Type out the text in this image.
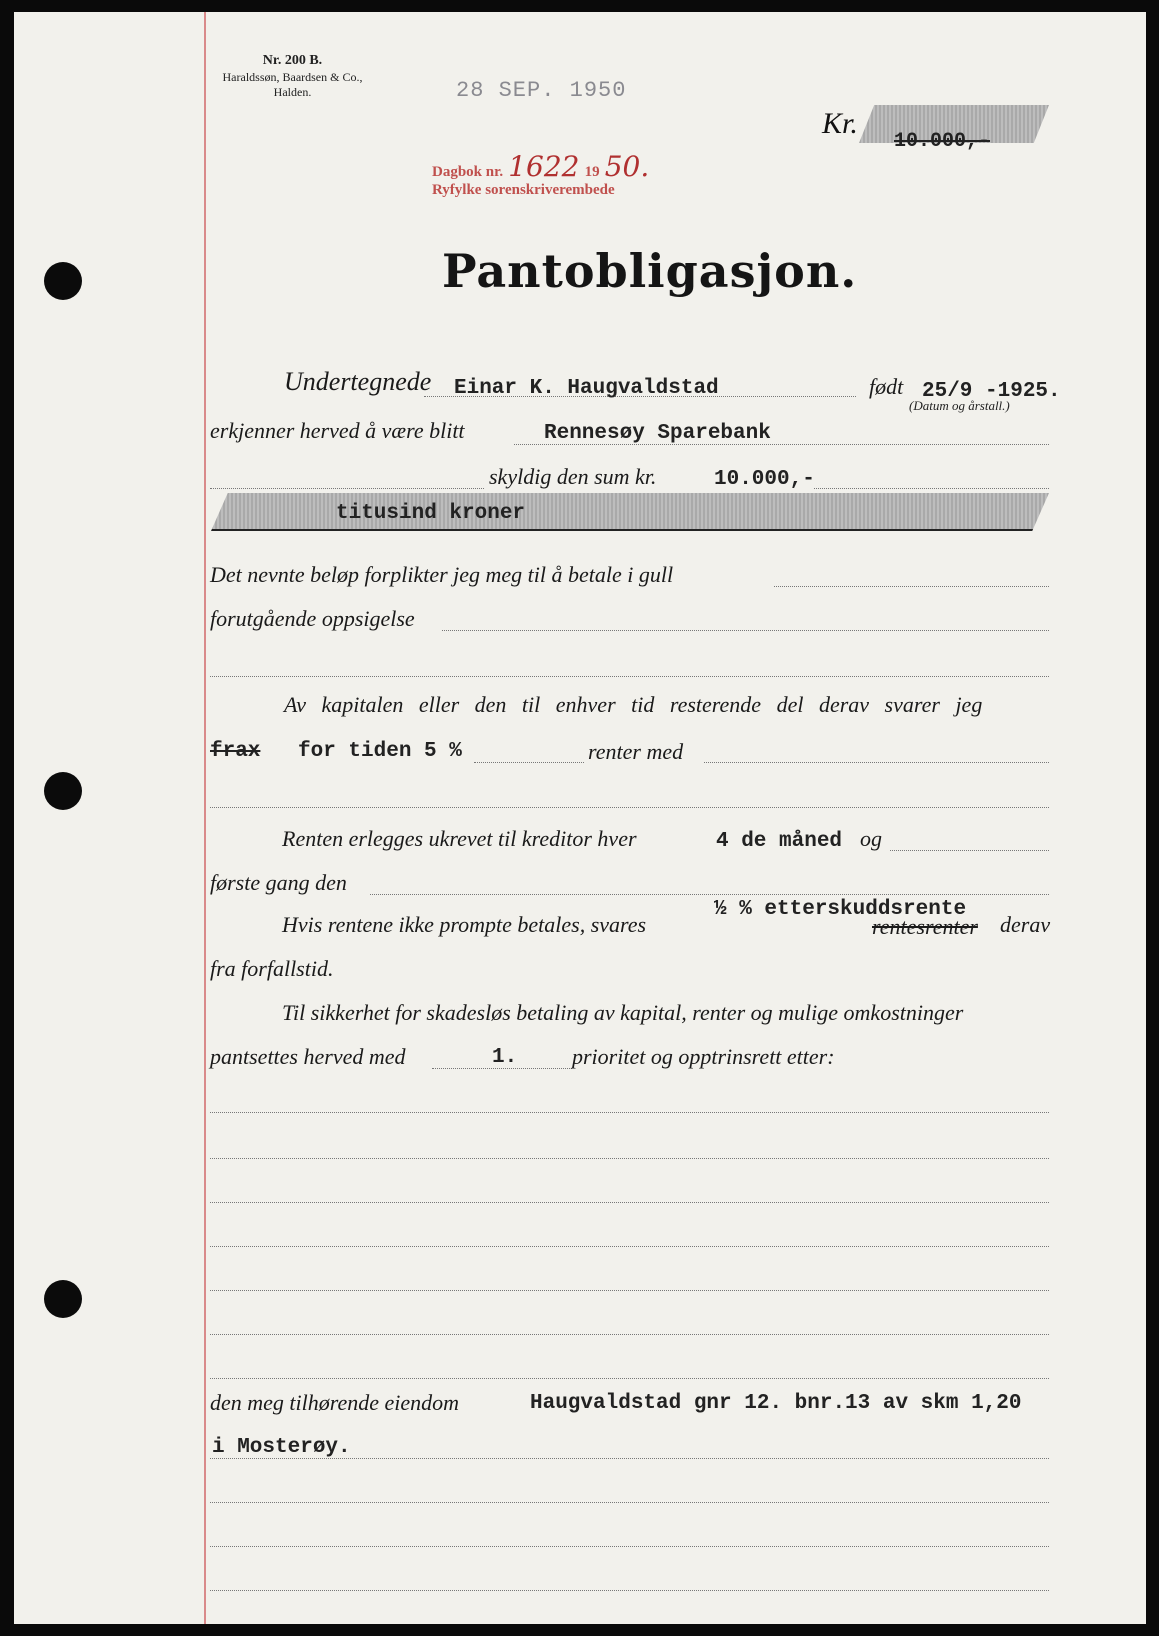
Nr. 200 B.
Haraldssøn, Baardsen & Co.,
Halden.	28 SEP. 1950
Dagbok nr. 1622 19 50.
Ryfylke sorenskriverembede
Kr.
10.000,-
Pantobligasjon.
Undertegnede Einar K. Haugvaldstad	født 25/9 -1925.
(Datum og årstall.)
erkjenner herved å være blitt	Rennesøy Sparebank
skyldig den sum kr.	10.000,-
titusind kroner
Det nevnte beløp forplikter jeg meg til å betale i gull
forutgående oppsigelse
Av kapitalen eller den til enhver tid resterende del derav svarer jeg
frax for tiden 5 %	renter med
Renten erlegges ukrevet til kreditor hver	4 de måned og
første gang den
Hvis rentene ikke prompte betales, svares
½ % etterskuddsrente
rentesrenter derav
fra forfallstid.
Til sikkerhet for skadesløs betaling av kapital, renter og mulige omkostninger
pantsettes herved med	1. prioritet og opptrinsrett etter:
den meg tilhørende eiendom	Haugvaldstad gnr 12. bnr.13 av skm 1,20
i Mosterøy.
